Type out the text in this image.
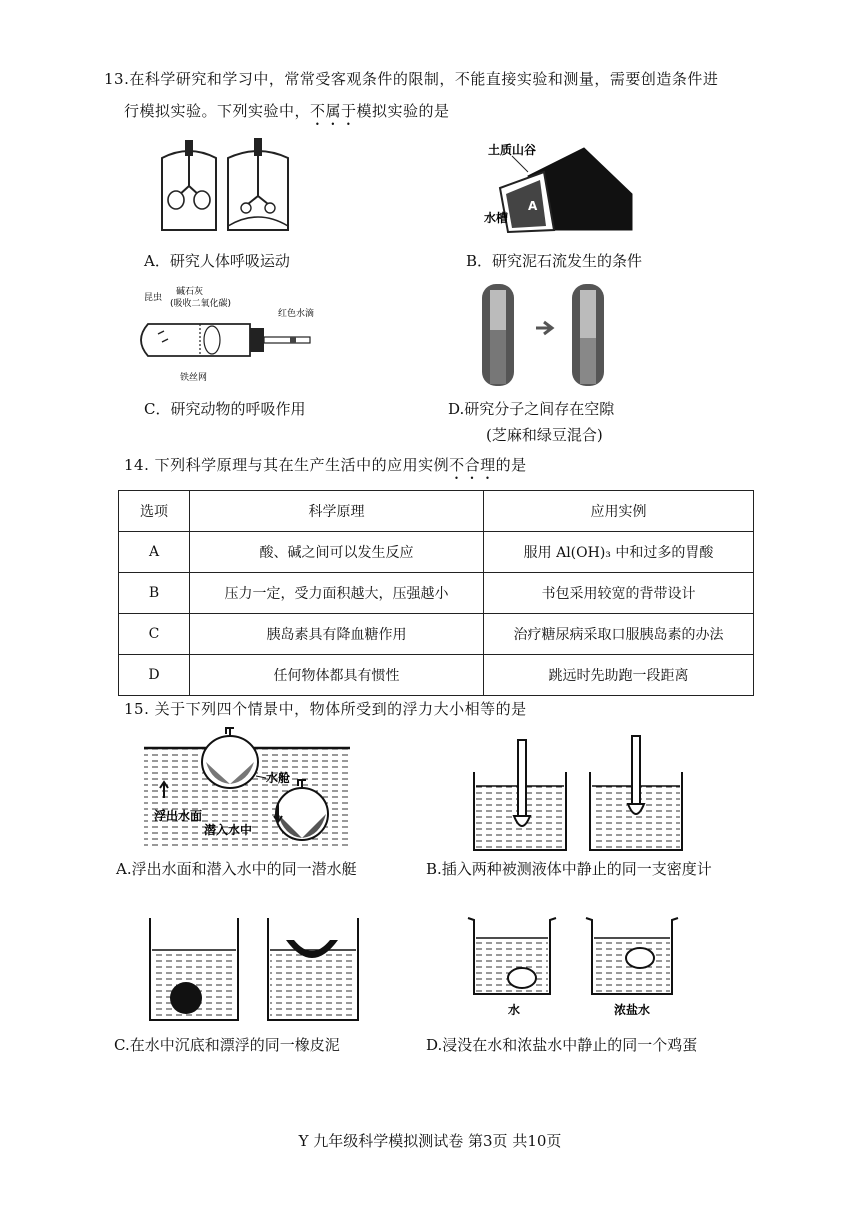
13.在科学研究和学习中，常常受客观条件的限制，不能直接实验和测量，需要创造条件进
行模拟实验。下列实验中，不属于模拟实验的是
土质山谷
A
水槽
A．研究人体呼吸运动	B．研究泥石流发生的条件
昆虫
碱石灰
(吸收二氧化碳)
红色水滴
铁丝网
C．研究动物的呼吸作用	D.研究分子之间存在空隙
(芝麻和绿豆混合)
14. 下列科学原理与其在生产生活中的应用实例不合理的是
选项	科学原理	应用实例
A	酸、碱之间可以发生反应	服用 Al(OH)₃ 中和过多的胃酸
B	压力一定，受力面积越大，压强越小	书包采用较宽的背带设计
C	胰岛素具有降血糖作用	治疗糖尿病采取口服胰岛素的办法
D	任何物体都具有惯性	跳远时先助跑一段距离
15. 关于下列四个情景中，物体所受到的浮力大小相等的是
水舱
浮出水面
潜入水中
A.浮出水面和潜入水中的同一潜水艇	B.插入两种被测液体中静止的同一支密度计
水	浓盐水
C.在水中沉底和漂浮的同一橡皮泥	D.浸没在水和浓盐水中静止的同一个鸡蛋
Y 九年级科学模拟测试卷 第3页 共10页
